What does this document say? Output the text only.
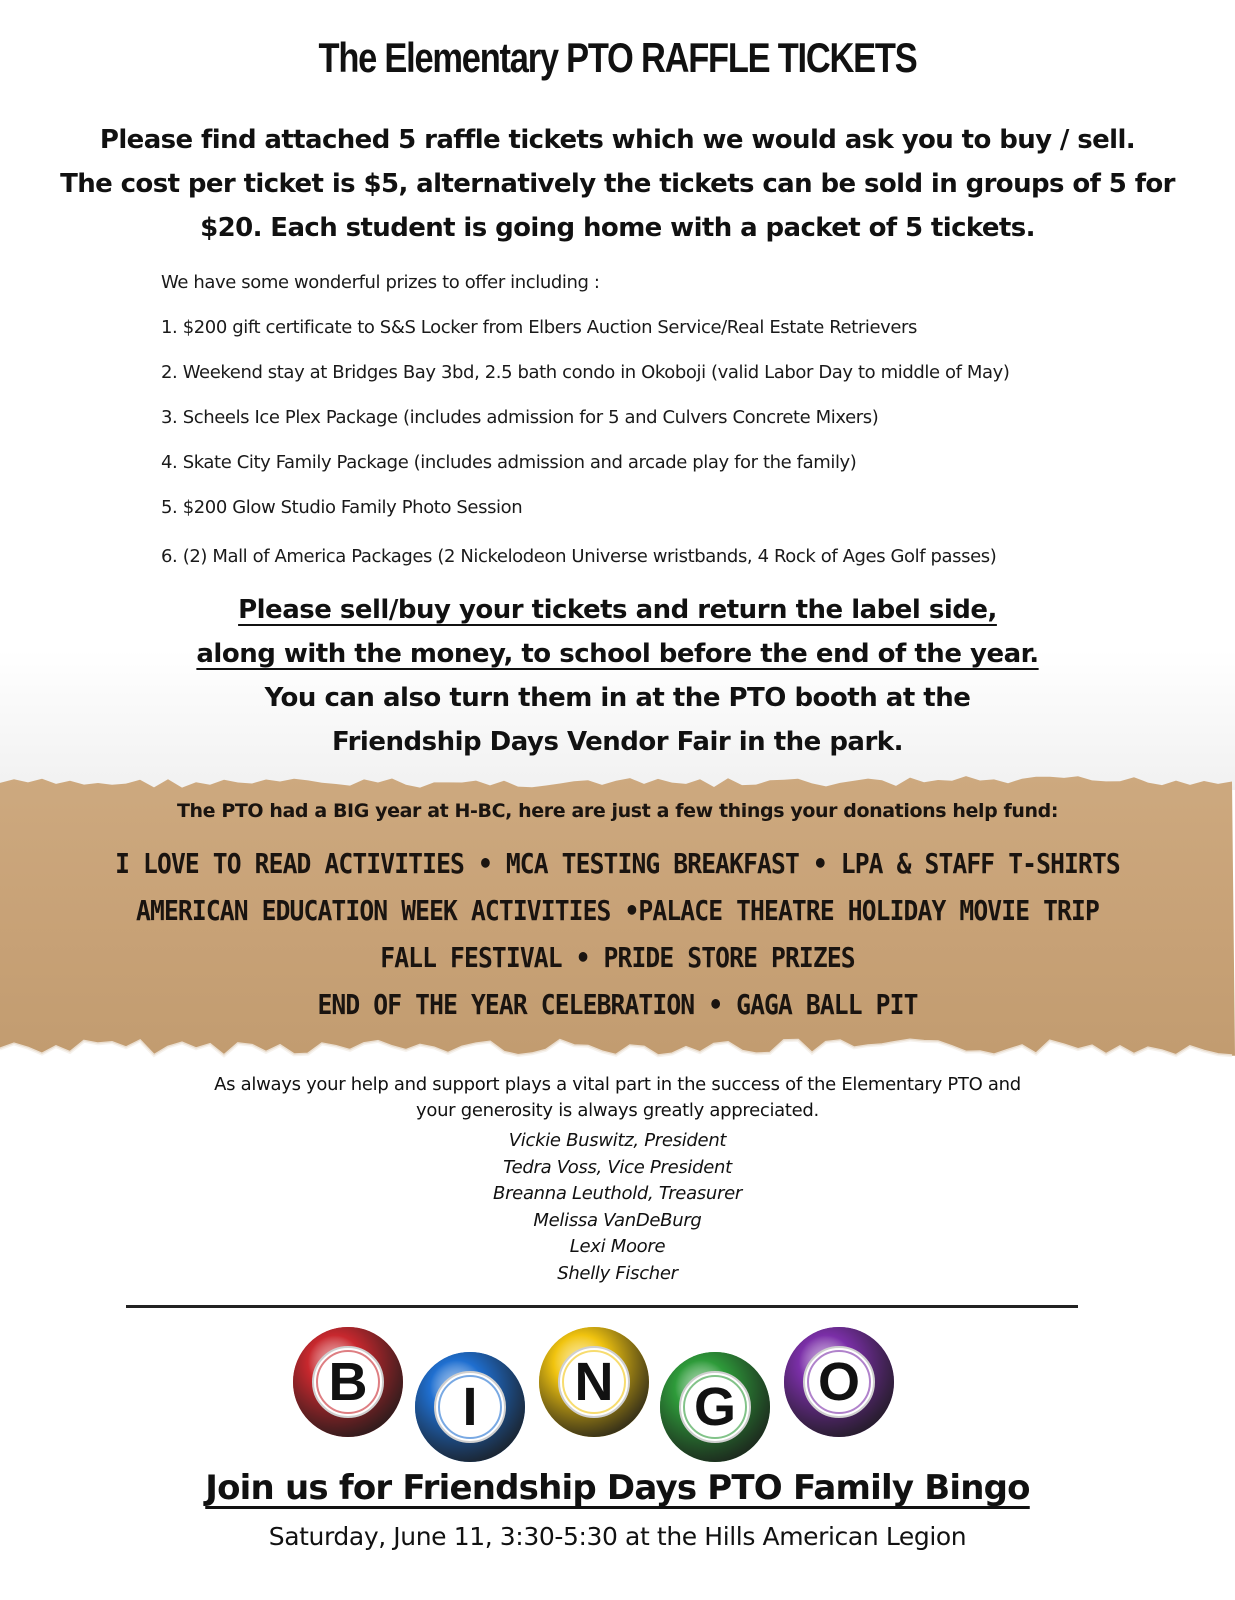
The Elementary PTO RAFFLE TICKETS
Please find attached 5 raffle tickets which we would ask you to buy / sell.
The cost per ticket is $5, alternatively the tickets can be sold in groups of 5 for
$20. Each student is going home with a packet of 5 tickets.
We have some wonderful prizes to offer including :
1. $200 gift certificate to S&S Locker from Elbers Auction Service/Real Estate Retrievers
2. Weekend stay at Bridges Bay 3bd, 2.5 bath condo in Okoboji (valid Labor Day to middle of May)
3. Scheels Ice Plex Package (includes admission for 5 and Culvers Concrete Mixers)
4. Skate City Family Package (includes admission and arcade play for the family)
5. $200 Glow Studio Family Photo Session
6. (2) Mall of America Packages (2 Nickelodeon Universe wristbands, 4 Rock of Ages Golf passes)
Please sell/buy your tickets and return the label side,
along with the money, to school before the end of the year.
You can also turn them in at the PTO booth at the
Friendship Days Vendor Fair in the park.
The PTO had a BIG year at H-BC, here are just a few things your donations help fund:
I LOVE TO READ ACTIVITIES • MCA TESTING BREAKFAST • LPA & STAFF T-SHIRTS
AMERICAN EDUCATION WEEK ACTIVITIES •PALACE THEATRE HOLIDAY MOVIE TRIP
FALL FESTIVAL • PRIDE STORE PRIZES
END OF THE YEAR CELEBRATION • GAGA BALL PIT
As always your help and support plays a vital part in the success of the Elementary PTO and
your generosity is always greatly appreciated.
Vickie Buswitz, President
Tedra Voss, Vice President
Breanna Leuthold, Treasurer
Melissa VanDeBurg
Lexi Moore
Shelly Fischer
B	I	N	G	O
Join us for Friendship Days PTO Family Bingo
Saturday, June 11, 3:30-5:30 at the Hills American Legion
